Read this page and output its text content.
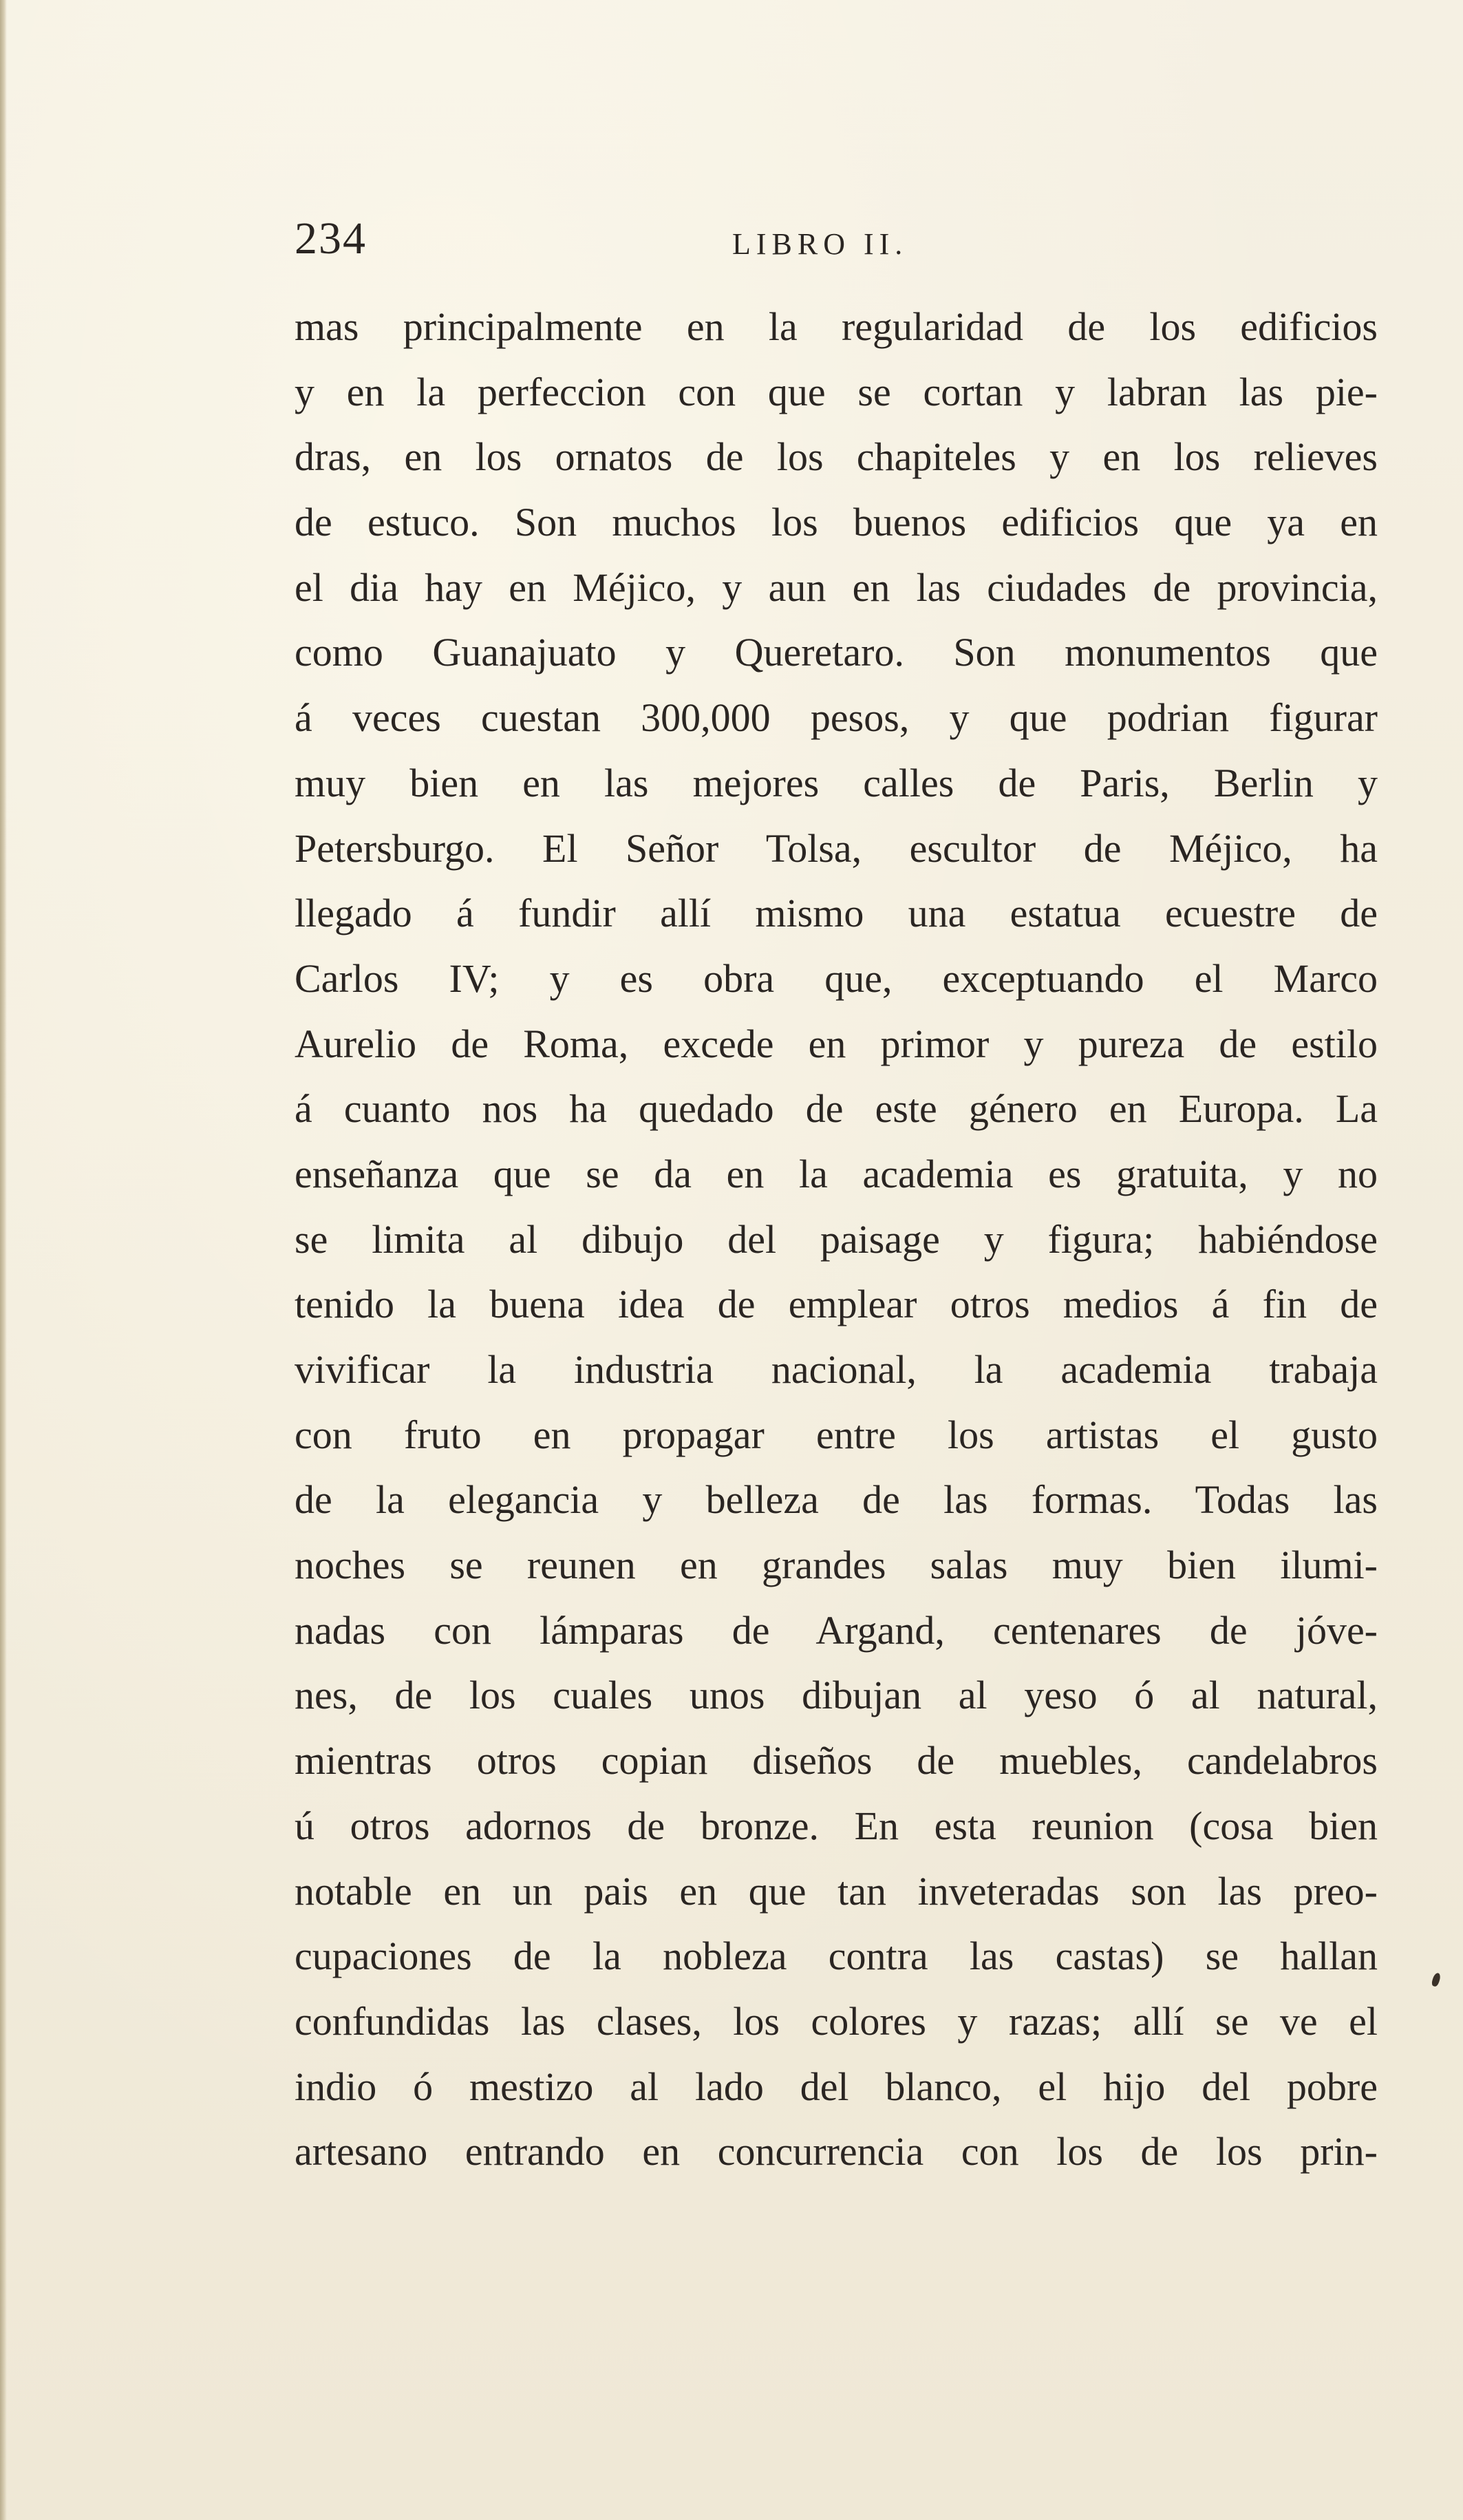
234	LIBRO II.
mas principalmente en la regularidad de los edificios
y en la perfeccion con que se cortan y labran las pie-
dras, en los ornatos de los chapiteles y en los relieves
de estuco. Son muchos los buenos edificios que ya en
el dia hay en Méjico, y aun en las ciudades de provincia,
como Guanajuato y Queretaro. Son monumentos que
á veces cuestan 300,000 pesos, y que podrian figurar
muy bien en las mejores calles de Paris, Berlin y
Petersburgo. El Señor Tolsa, escultor de Méjico, ha
llegado á fundir allí mismo una estatua ecuestre de
Carlos IV; y es obra que, exceptuando el Marco
Aurelio de Roma, excede en primor y pureza de estilo
á cuanto nos ha quedado de este género en Europa. La
enseñanza que se da en la academia es gratuita, y no
se limita al dibujo del paisage y figura; habiéndose
tenido la buena idea de emplear otros medios á fin de
vivificar la industria nacional, la academia trabaja
con fruto en propagar entre los artistas el gusto
de la elegancia y belleza de las formas. Todas las
noches se reunen en grandes salas muy bien ilumi-
nadas con lámparas de Argand, centenares de jóve-
nes, de los cuales unos dibujan al yeso ó al natural,
mientras otros copian diseños de muebles, candelabros
ú otros adornos de bronze. En esta reunion (cosa bien
notable en un pais en que tan inveteradas son las preo-
cupaciones de la nobleza contra las castas) se hallan
confundidas las clases, los colores y razas; allí se ve el
indio ó mestizo al lado del blanco, el hijo del pobre
artesano entrando en concurrencia con los de los prin-
